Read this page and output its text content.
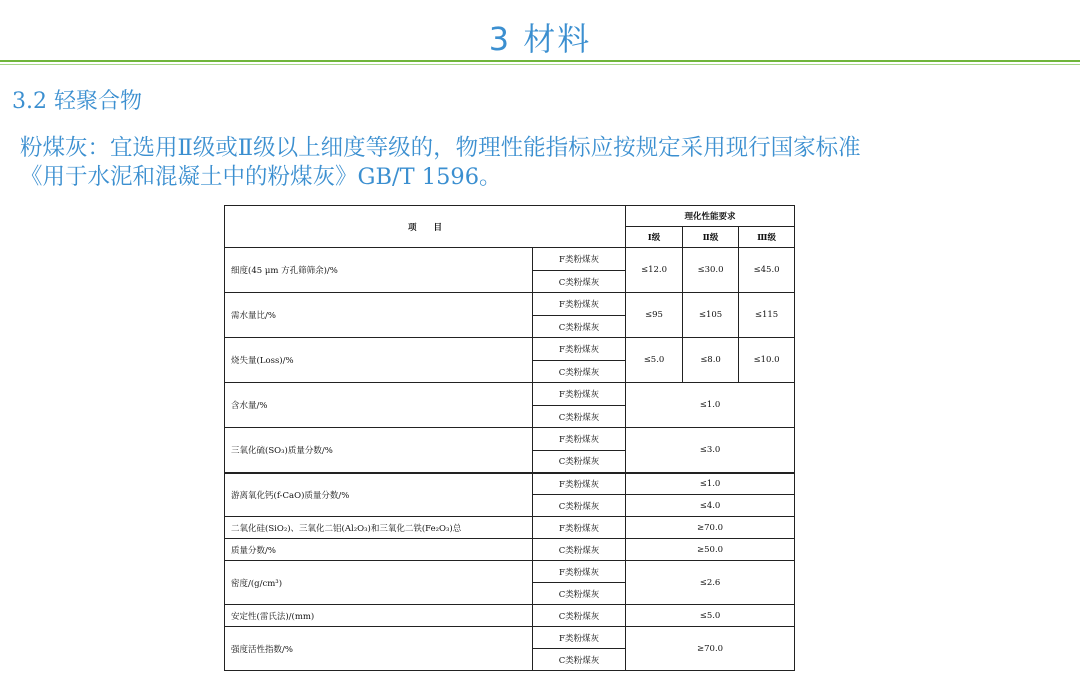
3 材料
3.2 轻聚合物
粉煤灰：宜选用Ⅱ级或Ⅱ级以上细度等级的，物理性能指标应按规定采用现行国家标准
《用于水泥和混凝土中的粉煤灰》GB/T 1596。
项　　目		理化性能要求		
		Ⅰ级	Ⅱ级	Ⅲ级
细度(45 μm 方孔筛筛余)/%	F类粉煤灰	≤12.0	≤30.0	≤45.0
	C类粉煤灰			
需水量比/%	F类粉煤灰	≤95	≤105	≤115
	C类粉煤灰			
烧失量(Loss)/%	F类粉煤灰	≤5.0	≤8.0	≤10.0
	C类粉煤灰			
含水量/%	F类粉煤灰	≤1.0		
	C类粉煤灰			
三氧化硫(SO₃)质量分数/%	F类粉煤灰	≤3.0		
	C类粉煤灰			
游离氧化钙(f-CaO)质量分数/%	F类粉煤灰	≤1.0		
	C类粉煤灰	≤4.0		
二氧化硅(SiO₂)、三氧化二铝(Al₂O₃)和三氧化二铁(Fe₂O₃)总	F类粉煤灰	≥70.0		
质量分数/%	C类粉煤灰	≥50.0		
密度/(g/cm³)	F类粉煤灰	≤2.6		
	C类粉煤灰			
安定性(雷氏法)/(mm)	C类粉煤灰	≤5.0		
强度活性指数/%	F类粉煤灰	≥70.0		
	C类粉煤灰			
